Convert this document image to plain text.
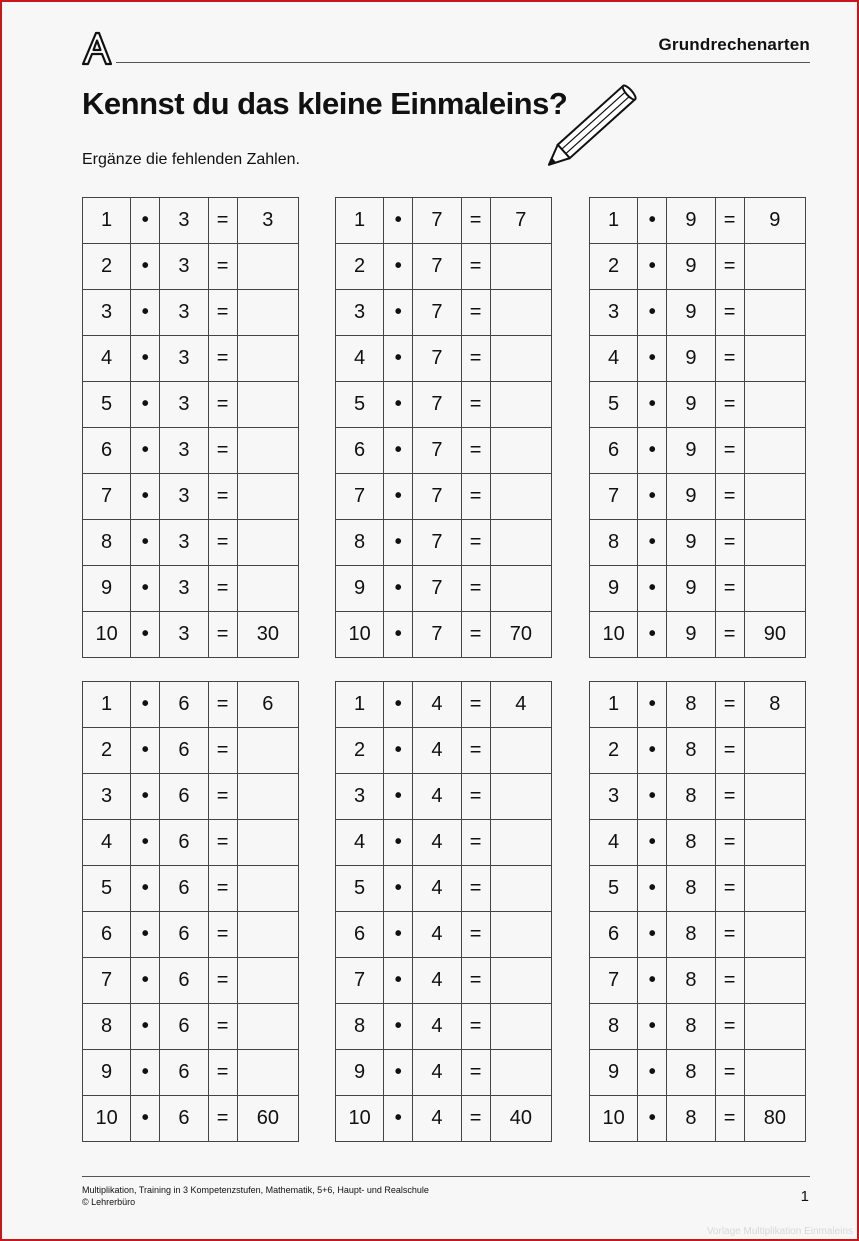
Grundrechenarten
Kennst du das kleine Einmaleins?
Ergänze die fehlenden Zahlen.
1	•	3	=	3
2	•	3	=	
3	•	3	=	
4	•	3	=	
5	•	3	=	
6	•	3	=	
7	•	3	=	
8	•	3	=	
9	•	3	=	
10	•	3	=	30
1	•	7	=	7
2	•	7	=	
3	•	7	=	
4	•	7	=	
5	•	7	=	
6	•	7	=	
7	•	7	=	
8	•	7	=	
9	•	7	=	
10	•	7	=	70
1	•	9	=	9
2	•	9	=	
3	•	9	=	
4	•	9	=	
5	•	9	=	
6	•	9	=	
7	•	9	=	
8	•	9	=	
9	•	9	=	
10	•	9	=	90
1	•	6	=	6
2	•	6	=	
3	•	6	=	
4	•	6	=	
5	•	6	=	
6	•	6	=	
7	•	6	=	
8	•	6	=	
9	•	6	=	
10	•	6	=	60
1	•	4	=	4
2	•	4	=	
3	•	4	=	
4	•	4	=	
5	•	4	=	
6	•	4	=	
7	•	4	=	
8	•	4	=	
9	•	4	=	
10	•	4	=	40
1	•	8	=	8
2	•	8	=	
3	•	8	=	
4	•	8	=	
5	•	8	=	
6	•	8	=	
7	•	8	=	
8	•	8	=	
9	•	8	=	
10	•	8	=	80
Multiplikation, Training in 3 Kompetenzstufen, Mathematik, 5+6, Haupt- und Realschule
© Lehrerbüro	1
Vorlage Multiplikation Einmaleins
